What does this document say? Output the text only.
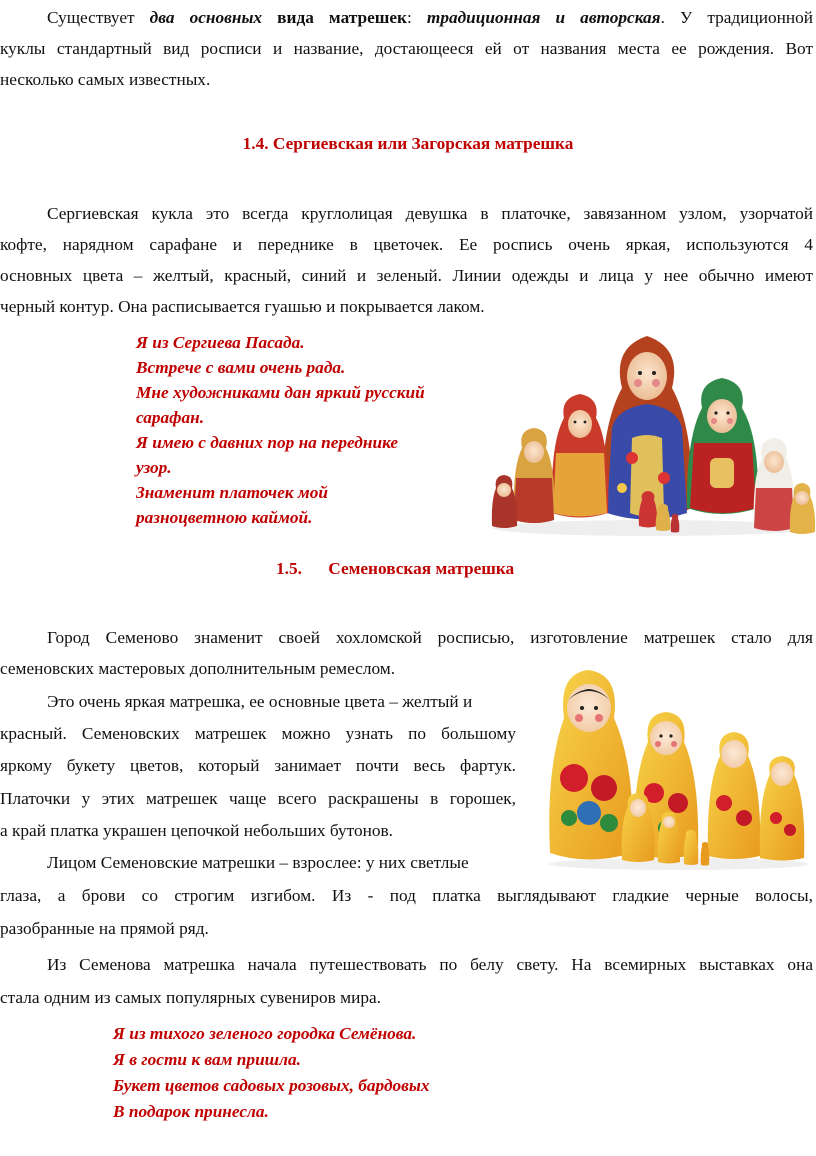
Существует два основных вида матрешек: традиционная и авторская. У традиционной
куклы стандартный вид росписи и название, достающееся ей от названия места ее рождения. Вот
несколько самых известных.
1.4. Сергиевская или Загорская матрешка
Сергиевская кукла это всегда круглолицая девушка в платочке, завязанном узлом, узорчатой
кофте, нарядном сарафане и переднике в цветочек. Ее роспись очень яркая, используются 4
основных цвета – желтый, красный, синий и зеленый. Линии одежды и лица у нее обычно имеют
черный контур. Она расписывается гуашью и покрывается лаком.
Я из Сергиева Пасада.
Встрече с вами очень рада.
Мне художниками дан яркий русский
сарафан.
Я имею с давних пор на переднике
узор.
Знаменит платочек мой
разноцветною каймой.
1.5. Семеновская матрешка
Город Семеново знаменит своей хохломской росписью, изготовление матрешек стало для
семеновских мастеровых дополнительным ремеслом.
Это очень яркая матрешка, ее основные цвета – желтый и
красный. Семеновских матрешек можно узнать по большому
яркому букету цветов, который занимает почти весь фартук.
Платочки у этих матрешек чаще всего раскрашены в горошек,
а край платка украшен цепочкой небольших бутонов.
Лицом Семеновские матрешки – взрослее: у них светлые
глаза, а брови со строгим изгибом. Из - под платка выглядывают гладкие черные волосы,
разобранные на прямой ряд.
Из Семенова матрешка начала путешествовать по белу свету. На всемирных выставках она
стала одним из самых популярных сувениров мира.
Я из тихого зеленого городка Семёнова.
Я в гости к вам пришла.
Букет цветов садовых розовых, бардовых
В подарок принесла.
